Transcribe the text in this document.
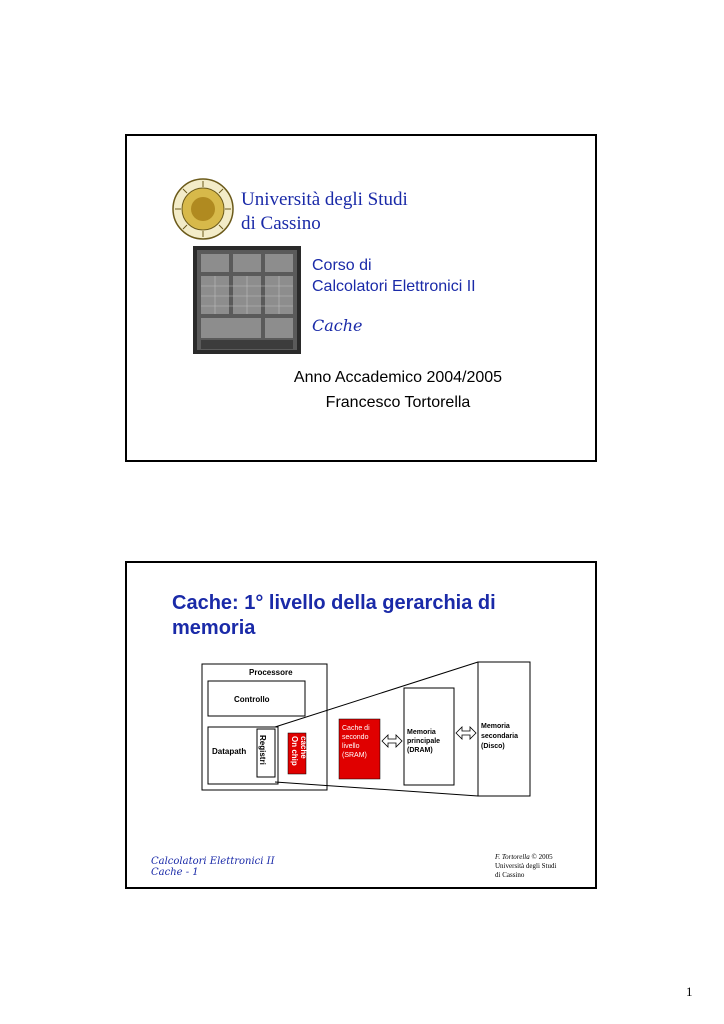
Università degli Studi
di Cassino
Corso di
Calcolatori Elettronici II
Cache
Anno Accademico 2004/2005
Francesco Tortorella
Cache: 1° livello della gerarchia di
memoria
Processore
Controllo
Datapath Registri	On chip cache
Cache di
secondo
livello
(SRAM)
Memoria
principale
(DRAM)
Memoria
secondaria
(Disco)
Calcolatori Elettronici II
Cache - 1
F. Tortorella © 2005
Università degli Studi
di Cassino
1
